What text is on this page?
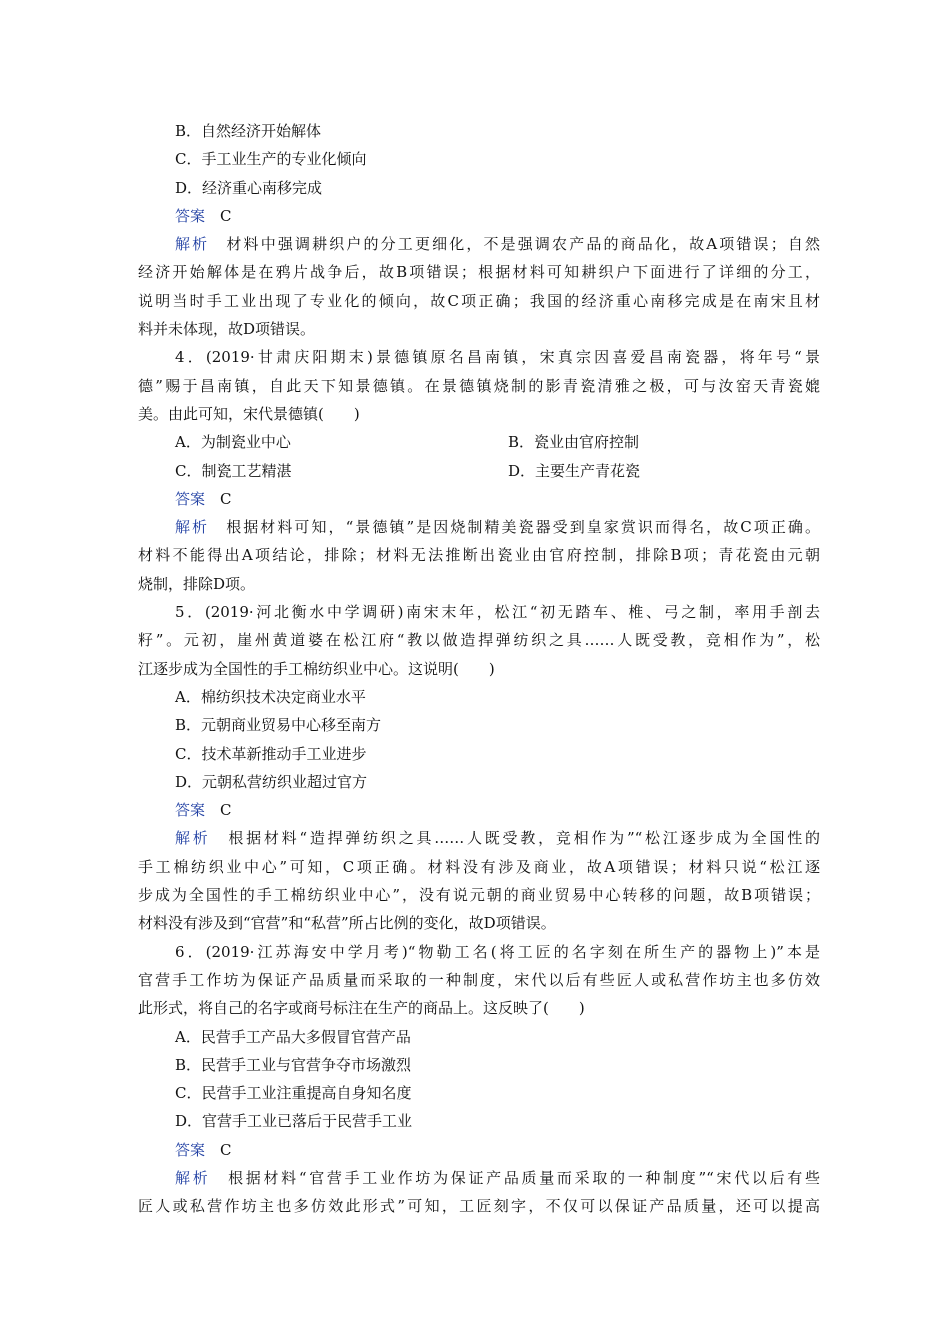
B．自然经济开始解体
C．手工业生产的专业化倾向
D．经济重心南移完成
答案　 C
解析　 材料中强调耕织户的分工更细化，不是强调农产品的商品化，故A项错误；自然
经济开始解体是在鸦片战争后，故B项错误；根据材料可知耕织户下面进行了详细的分工，
说明当时手工业出现了专业化的倾向，故C项正确；我国的经济重心南移完成是在南宋且材
料并未体现，故D项错误。
4．(2019·甘肃庆阳期末)景德镇原名昌南镇，宋真宗因喜爱昌南瓷器，将年号“景
德”赐于昌南镇，自此天下知景德镇。在景德镇烧制的影青瓷清雅之极，可与汝窑天青瓷媲
美。由此可知，宋代景德镇(　　)
A．为制瓷业中心	B．瓷业由官府控制
C．制瓷工艺精湛	D．主要生产青花瓷
答案　 C
解析　 根据材料可知，“景德镇”是因烧制精美瓷器受到皇家赏识而得名，故C项正确。
材料不能得出A项结论，排除；材料无法推断出瓷业由官府控制，排除B项；青花瓷由元朝
烧制，排除D项。
5．(2019·河北衡水中学调研)南宋末年，松江“初无踏车、椎、弓之制，率用手剖去
籽”。元初，崖州黄道婆在松江府“教以做造捍弹纺织之具……人既受教，竞相作为”，松
江逐步成为全国性的手工棉纺织业中心。这说明(　　)
A．棉纺织技术决定商业水平
B．元朝商业贸易中心移至南方
C．技术革新推动手工业进步
D．元朝私营纺织业超过官方
答案　 C
解析　 根据材料“造捍弹纺织之具……人既受教，竞相作为”“松江逐步成为全国性的
手工棉纺织业中心”可知，C项正确。材料没有涉及商业，故A项错误；材料只说“松江逐
步成为全国性的手工棉纺织业中心”，没有说元朝的商业贸易中心转移的问题，故B项错误；
材料没有涉及到“官营”和“私营”所占比例的变化，故D项错误。
6．(2019·江苏海安中学月考)“物勒工名(将工匠的名字刻在所生产的器物上)”本是
官营手工作坊为保证产品质量而采取的一种制度，宋代以后有些匠人或私营作坊主也多仿效
此形式，将自己的名字或商号标注在生产的商品上。这反映了(　　)
A．民营手工产品大多假冒官营产品
B．民营手工业与官营争夺市场激烈
C．民营手工业注重提高自身知名度
D．官营手工业已落后于民营手工业
答案　 C
解析　 根据材料“官营手工业作坊为保证产品质量而采取的一种制度”“宋代以后有些
匠人或私营作坊主也多仿效此形式”可知，工匠刻字，不仅可以保证产品质量，还可以提高
